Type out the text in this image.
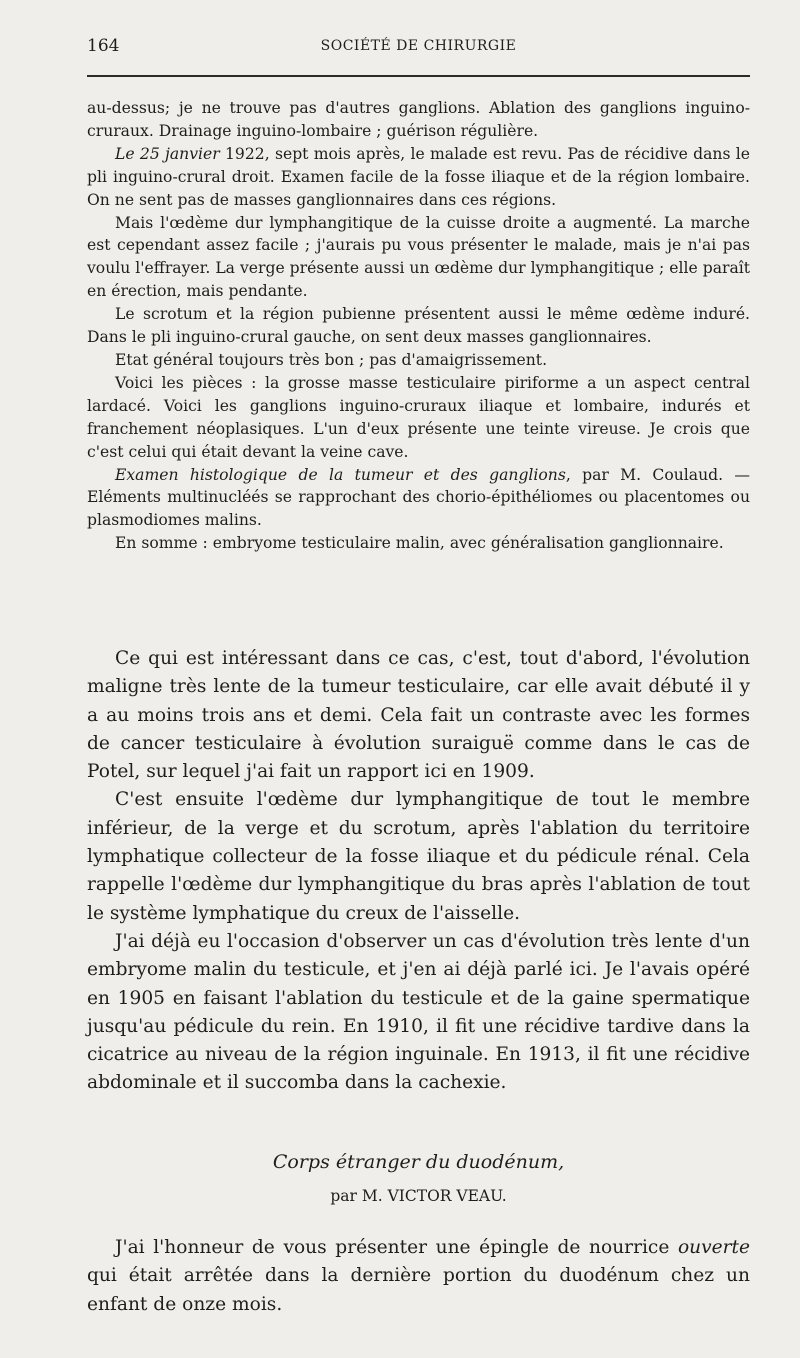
164	SOCIÉTÉ DE CHIRURGIE

au-dessus; je ne trouve pas d'autres ganglions. Ablation des ganglions inguino-cruraux. Drainage inguino-lombaire ; guérison régulière.

Le 25 janvier 1922, sept mois après, le malade est revu. Pas de récidive dans le pli inguino-crural droit. Examen facile de la fosse iliaque et de la région lombaire. On ne sent pas de masses ganglionnaires dans ces régions.

Mais l'œdème dur lymphangitique de la cuisse droite a augmenté. La marche est cependant assez facile ; j'aurais pu vous présenter le malade, mais je n'ai pas voulu l'effrayer. La verge présente aussi un œdème dur lymphangitique ; elle paraît en érection, mais pendante.

Le scrotum et la région pubienne présentent aussi le même œdème induré. Dans le pli inguino-crural gauche, on sent deux masses ganglionnaires.

Etat général toujours très bon ; pas d'amaigrissement.

Voici les pièces : la grosse masse testiculaire piriforme a un aspect central lardacé. Voici les ganglions inguino-cruraux iliaque et lombaire, indurés et franchement néoplasiques. L'un d'eux présente une teinte vireuse. Je crois que c'est celui qui était devant la veine cave.

Examen histologique de la tumeur et des ganglions, par M. Coulaud. — Eléments multinucléés se rapprochant des chorio-épithéliomes ou placentomes ou plasmodiomes malins.

En somme : embryome testiculaire malin, avec généralisation ganglionnaire.

Ce qui est intéressant dans ce cas, c'est, tout d'abord, l'évolution maligne très lente de la tumeur testiculaire, car elle avait débuté il y a au moins trois ans et demi. Cela fait un contraste avec les formes de cancer testiculaire à évolution suraiguë comme dans le cas de Potel, sur lequel j'ai fait un rapport ici en 1909.

C'est ensuite l'œdème dur lymphangitique de tout le membre inférieur, de la verge et du scrotum, après l'ablation du territoire lymphatique collecteur de la fosse iliaque et du pédicule rénal. Cela rappelle l'œdème dur lymphangitique du bras après l'ablation de tout le système lymphatique du creux de l'aisselle.

J'ai déjà eu l'occasion d'observer un cas d'évolution très lente d'un embryome malin du testicule, et j'en ai déjà parlé ici. Je l'avais opéré en 1905 en faisant l'ablation du testicule et de la gaine spermatique jusqu'au pédicule du rein. En 1910, il fit une récidive tardive dans la cicatrice au niveau de la région inguinale. En 1913, il fit une récidive abdominale et il succomba dans la cachexie.

Corps étranger du duodénum,
par M. VICTOR VEAU.

J'ai l'honneur de vous présenter une épingle de nourrice ouverte qui était arrêtée dans la dernière portion du duodénum chez un enfant de onze mois.
